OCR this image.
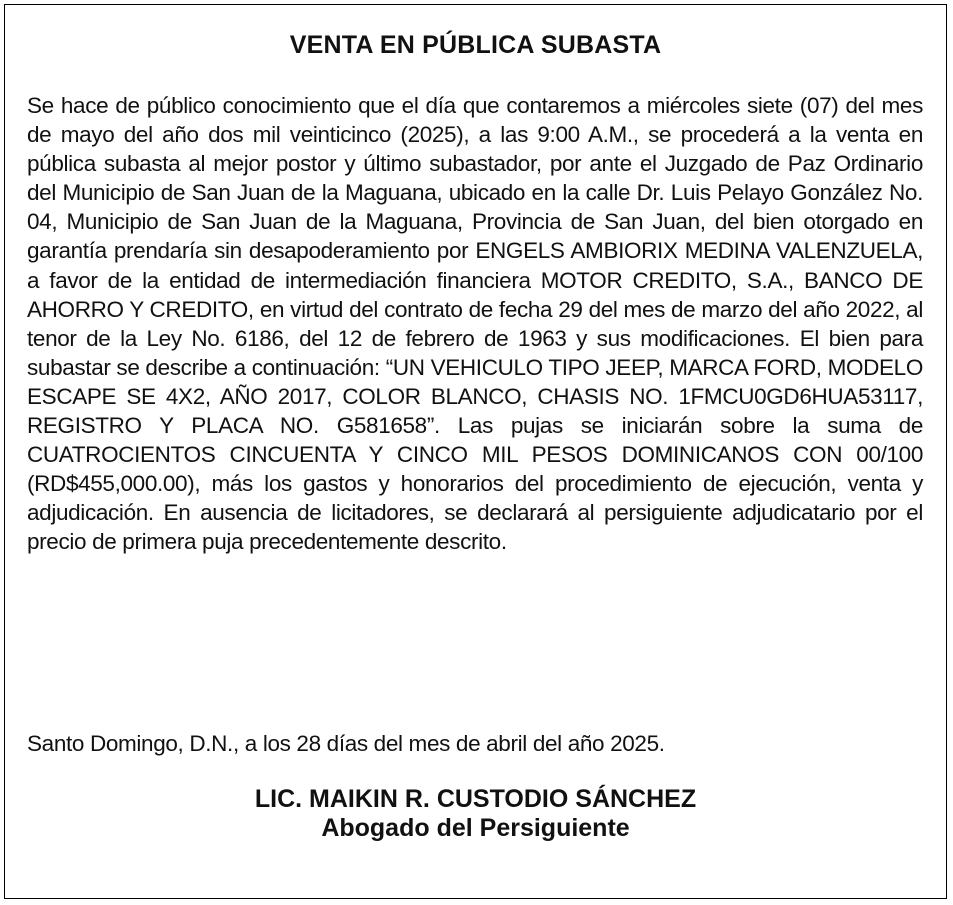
VENTA EN PÚBLICA SUBASTA

Se hace de público conocimiento que el día que contaremos a miércoles siete (07) del mes de mayo del año dos mil veinticinco (2025), a las 9:00 A.M., se procederá a la venta en pública subasta al mejor postor y último subastador, por ante el Juzgado de Paz Ordinario del Municipio de San Juan de la Maguana, ubicado en la calle Dr. Luis Pelayo González No. 04, Municipio de San Juan de la Maguana, Provincia de San Juan, del bien otorgado en garantía prendaría sin desapoderamiento por ENGELS AMBIORIX MEDINA VALENZUELA, a favor de la entidad de intermediación financiera MOTOR CREDITO, S.A., BANCO DE AHORRO Y CREDITO, en virtud del contrato de fecha 29 del mes de marzo del año 2022, al tenor de la Ley No. 6186, del 12 de febrero de 1963 y sus modificaciones. El bien para subastar se describe a continuación: “UN VEHICULO TIPO JEEP, MARCA FORD, MODELO ESCAPE SE 4X2, AÑO 2017, COLOR BLANCO, CHASIS NO. 1FMCU0GD6HUA53117, REGISTRO Y PLACA NO. G581658”. Las pujas se iniciarán sobre la suma de CUATROCIENTOS CINCUENTA Y CINCO MIL PESOS DOMINICANOS CON 00/100 (RD$455,000.00), más los gastos y honorarios del procedimiento de ejecución, venta y adjudicación. En ausencia de licitadores, se declarará al persiguiente adjudicatario por el precio de primera puja precedentemente descrito.

Santo Domingo, D.N., a los 28 días del mes de abril del año 2025.

LIC. MAIKIN R. CUSTODIO SÁNCHEZ
Abogado del Persiguiente
